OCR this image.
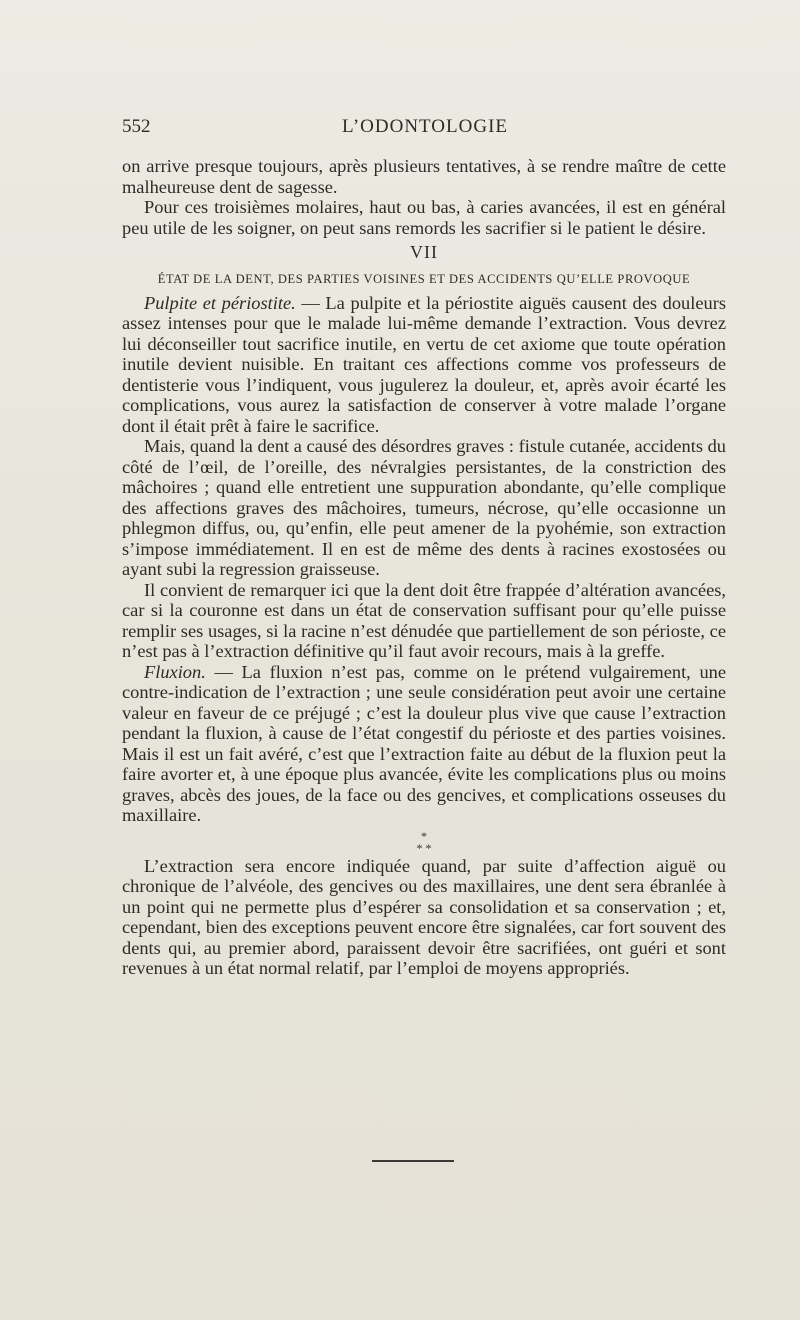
552	L’ODONTOLOGIE

on arrive presque toujours, après plusieurs tentatives, à se rendre maître de cette malheureuse dent de sagesse.

Pour ces troisièmes molaires, haut ou bas, à caries avancées, il est en général peu utile de les soigner, on peut sans remords les sacrifier si le patient le désire.

VII
ÉTAT DE LA DENT, DES PARTIES VOISINES ET DES ACCIDENTS QU’ELLE PROVOQUE

Pulpite et périostite. — La pulpite et la périostite aiguës causent des douleurs assez intenses pour que le malade lui-même demande l’extraction. Vous devrez lui déconseiller tout sacrifice inutile, en vertu de cet axiome que toute opération inutile devient nuisible. En traitant ces affections comme vos professeurs de dentisterie vous l’indiquent, vous jugulerez la douleur, et, après avoir écarté les complications, vous aurez la satisfaction de conserver à votre malade l’organe dont il était prêt à faire le sacrifice.

Mais, quand la dent a causé des désordres graves : fistule cutanée, accidents du côté de l’œil, de l’oreille, des névralgies persistantes, de la constriction des mâchoires ; quand elle entretient une suppuration abondante, qu’elle complique des affections graves des mâchoires, tumeurs, nécrose, qu’elle occasionne un phlegmon diffus, ou, qu’enfin, elle peut amener de la pyohémie, son extraction s’impose immédiatement. Il en est de même des dents à racines exostosées ou ayant subi la regression graisseuse.

Il convient de remarquer ici que la dent doit être frappée d’altération avancées, car si la couronne est dans un état de conservation suffisant pour qu’elle puisse remplir ses usages, si la racine n’est dénudée que partiellement de son périoste, ce n’est pas à l’extraction définitive qu’il faut avoir recours, mais à la greffe.

Fluxion. — La fluxion n’est pas, comme on le prétend vulgairement, une contre-indication de l’extraction ; une seule considération peut avoir une certaine valeur en faveur de ce préjugé ; c’est la douleur plus vive que cause l’extraction pendant la fluxion, à cause de l’état congestif du périoste et des parties voisines. Mais il est un fait avéré, c’est que l’extraction faite au début de la fluxion peut la faire avorter et, à une époque plus avancée, évite les complications plus ou moins graves, abcès des joues, de la face ou des gencives, et complications osseuses du maxillaire.

*
* *

L’extraction sera encore indiquée quand, par suite d’affection aiguë ou chronique de l’alvéole, des gencives ou des maxillaires, une dent sera ébranlée à un point qui ne permette plus d’espérer sa consolidation et sa conservation ; et, cependant, bien des exceptions peuvent encore être signalées, car fort souvent des dents qui, au premier abord, paraissent devoir être sacrifiées, ont guéri et sont revenues à un état normal relatif, par l’emploi de moyens appropriés.
